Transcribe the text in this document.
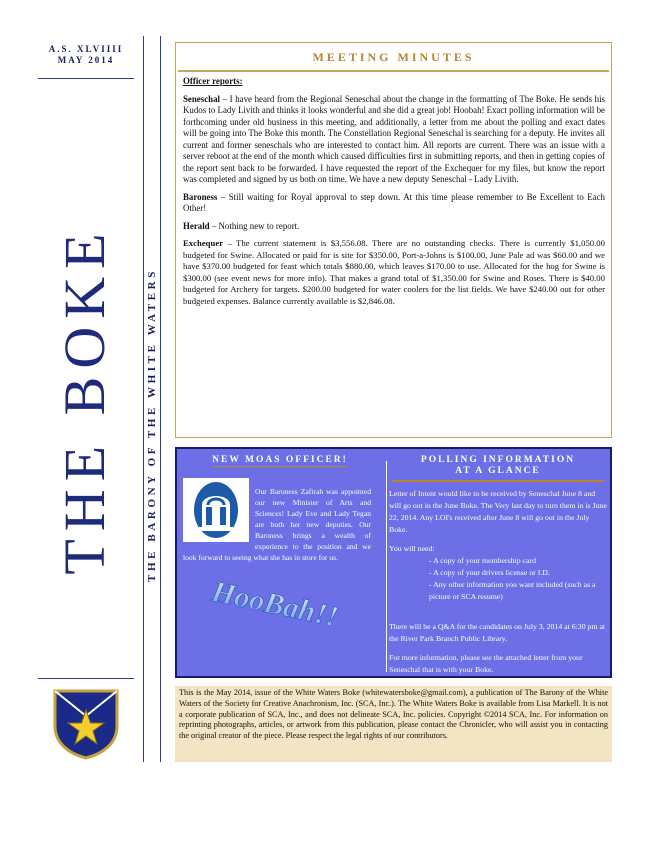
A.S. XLVIIII
MAY 2014
THE BOKE	THE BARONY OF THE WHITE WATERS
MEETING MINUTES

Officer reports:

Seneschal – I have heard from the Regional Seneschal about the change in the formatting of The Boke. He sends his Kudos to Lady Livith and thinks it looks wonderful and she did a great job! Hoobah! Exact polling information will be forthcoming under old business in this meeting, and additionally, a letter from me about the polling and exact dates will be going into The Boke this month. The Constellation Regional Seneschal is searching for a deputy. He invites all current and former seneschals who are interested to contact him. All reports are current. There was an issue with a server reboot at the end of the month which caused difficulties first in submitting reports, and then in getting copies of the report sent back to be forwarded. I have requested the report of the Exchequer for my files, but know the report was completed and signed by us both on time. We have a new deputy Seneschal - Lady Livith.

Baroness – Still waiting for Royal approval to step down. At this time please remember to Be Excellent to Each Other!

Herald – Nothing new to report.

Exchequer – The current statement is $3,556.08. There are no outstanding checks. There is currently $1,050.00 budgeted for Swine. Allocated or paid for is site for $350.00, Port-a-Johns is $100.00, June Pale ad was $60.00 and we have $370.00 budgeted for feast which totals $880.00, which leaves $170.00 to use. Allocated for the hog for Swine is $300.00 (see event news for more info). That makes a grand total of $1,350.00 for Swine and Roses. There is $40.00 budgeted for Archery for targets. $200.00 budgeted for water coolers for the list fields. We have $240.00 out for other budgeted expenses. Balance currently available is $2,846.08.

NEW MOAS OFFICER!	POLLING INFORMATION
AT A GLANCE
Our Baroness Zafirah was appointed our new Minister of Arts and Sciences! Lady Eve and Lady Tegan are both her new deputies. Our Baroness brings a wealth of experience to the position and we look forward to seeing what she has in store for us.
HooBah!!

Letter of Intent would like to be received by Seneschal June 8 and will go out in the June Boke. The Very last day to turn them in is June 22, 2014. Any LOI's received after June 8 will go out in the July Boke.

You will need:
- A copy of your membership card
- A copy of your drivers license or I.D.
- Any other information you want included (such as a picture or SCA resume)

There will be a Q&A for the candidates on July 3, 2014 at 6:30 pm at the River Park Branch Public Library.

For more information, please see the attached letter from your Seneschal that is with your Boke.

This is the May 2014, issue of the White Waters Boke (whitewatersboke@gmail.com), a publication of The Barony of the White Waters of the Society for Creative Anachronism, Inc. (SCA, Inc.). The White Waters Boke is available from Lisa Markell. It is not a corporate publication of SCA, Inc., and does not delineate SCA, Inc. policies. Copyright ©2014 SCA, Inc. For information on reprinting photographs, articles, or artwork from this publication, please contact the Chronicler, who will assist you in contacting the original creator of the piece. Please respect the legal rights of our contributors.
